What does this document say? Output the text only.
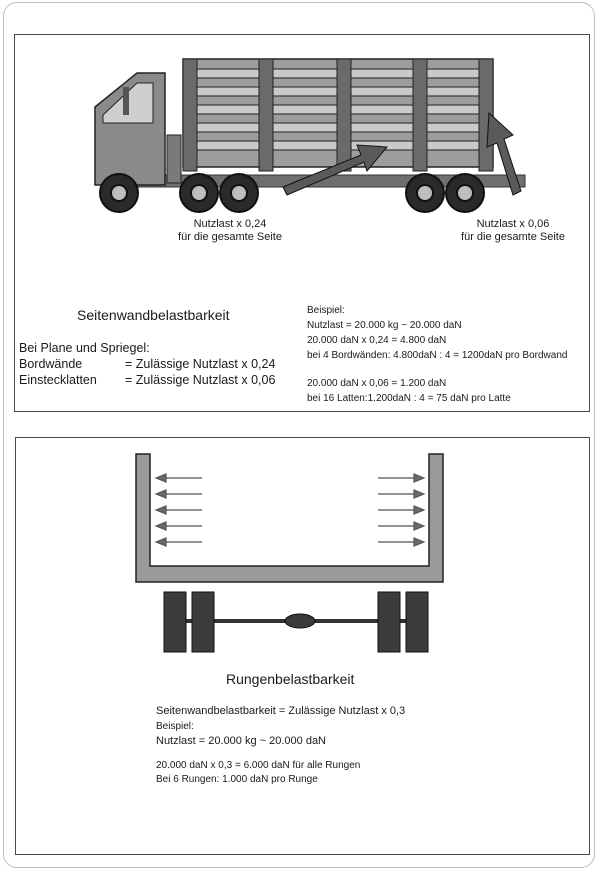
Nutzlast x 0,24
für die gesamte Seite
Nutzlast x 0,06
für die gesamte Seite
Seitenwandbelastbarkeit
Bei Plane und Spriegel:
Bordwände	= Zulässige Nutzlast x 0,24
Einstecklatten = Zulässige Nutzlast x 0,06
Beispiel:
Nutzlast = 20.000 kg ~ 20.000 daN
20.000 daN x 0,24 = 4.800 daN
bei 4 Bordwänden: 4.800daN : 4 = 1200daN pro Bordwand
20.000 daN x 0,06 = 1.200 daN
bei 16 Latten:1.200daN : 4 = 75 daN pro Latte
Rungenbelastbarkeit
Seitenwandbelastbarkeit = Zulässige Nutzlast x 0,3
Beispiel:
Nutzlast = 20.000 kg ~ 20.000 daN
20.000 daN x 0,3 = 6.000 daN für alle Rungen
Bei 6 Rungen: 1.000 daN pro Runge
